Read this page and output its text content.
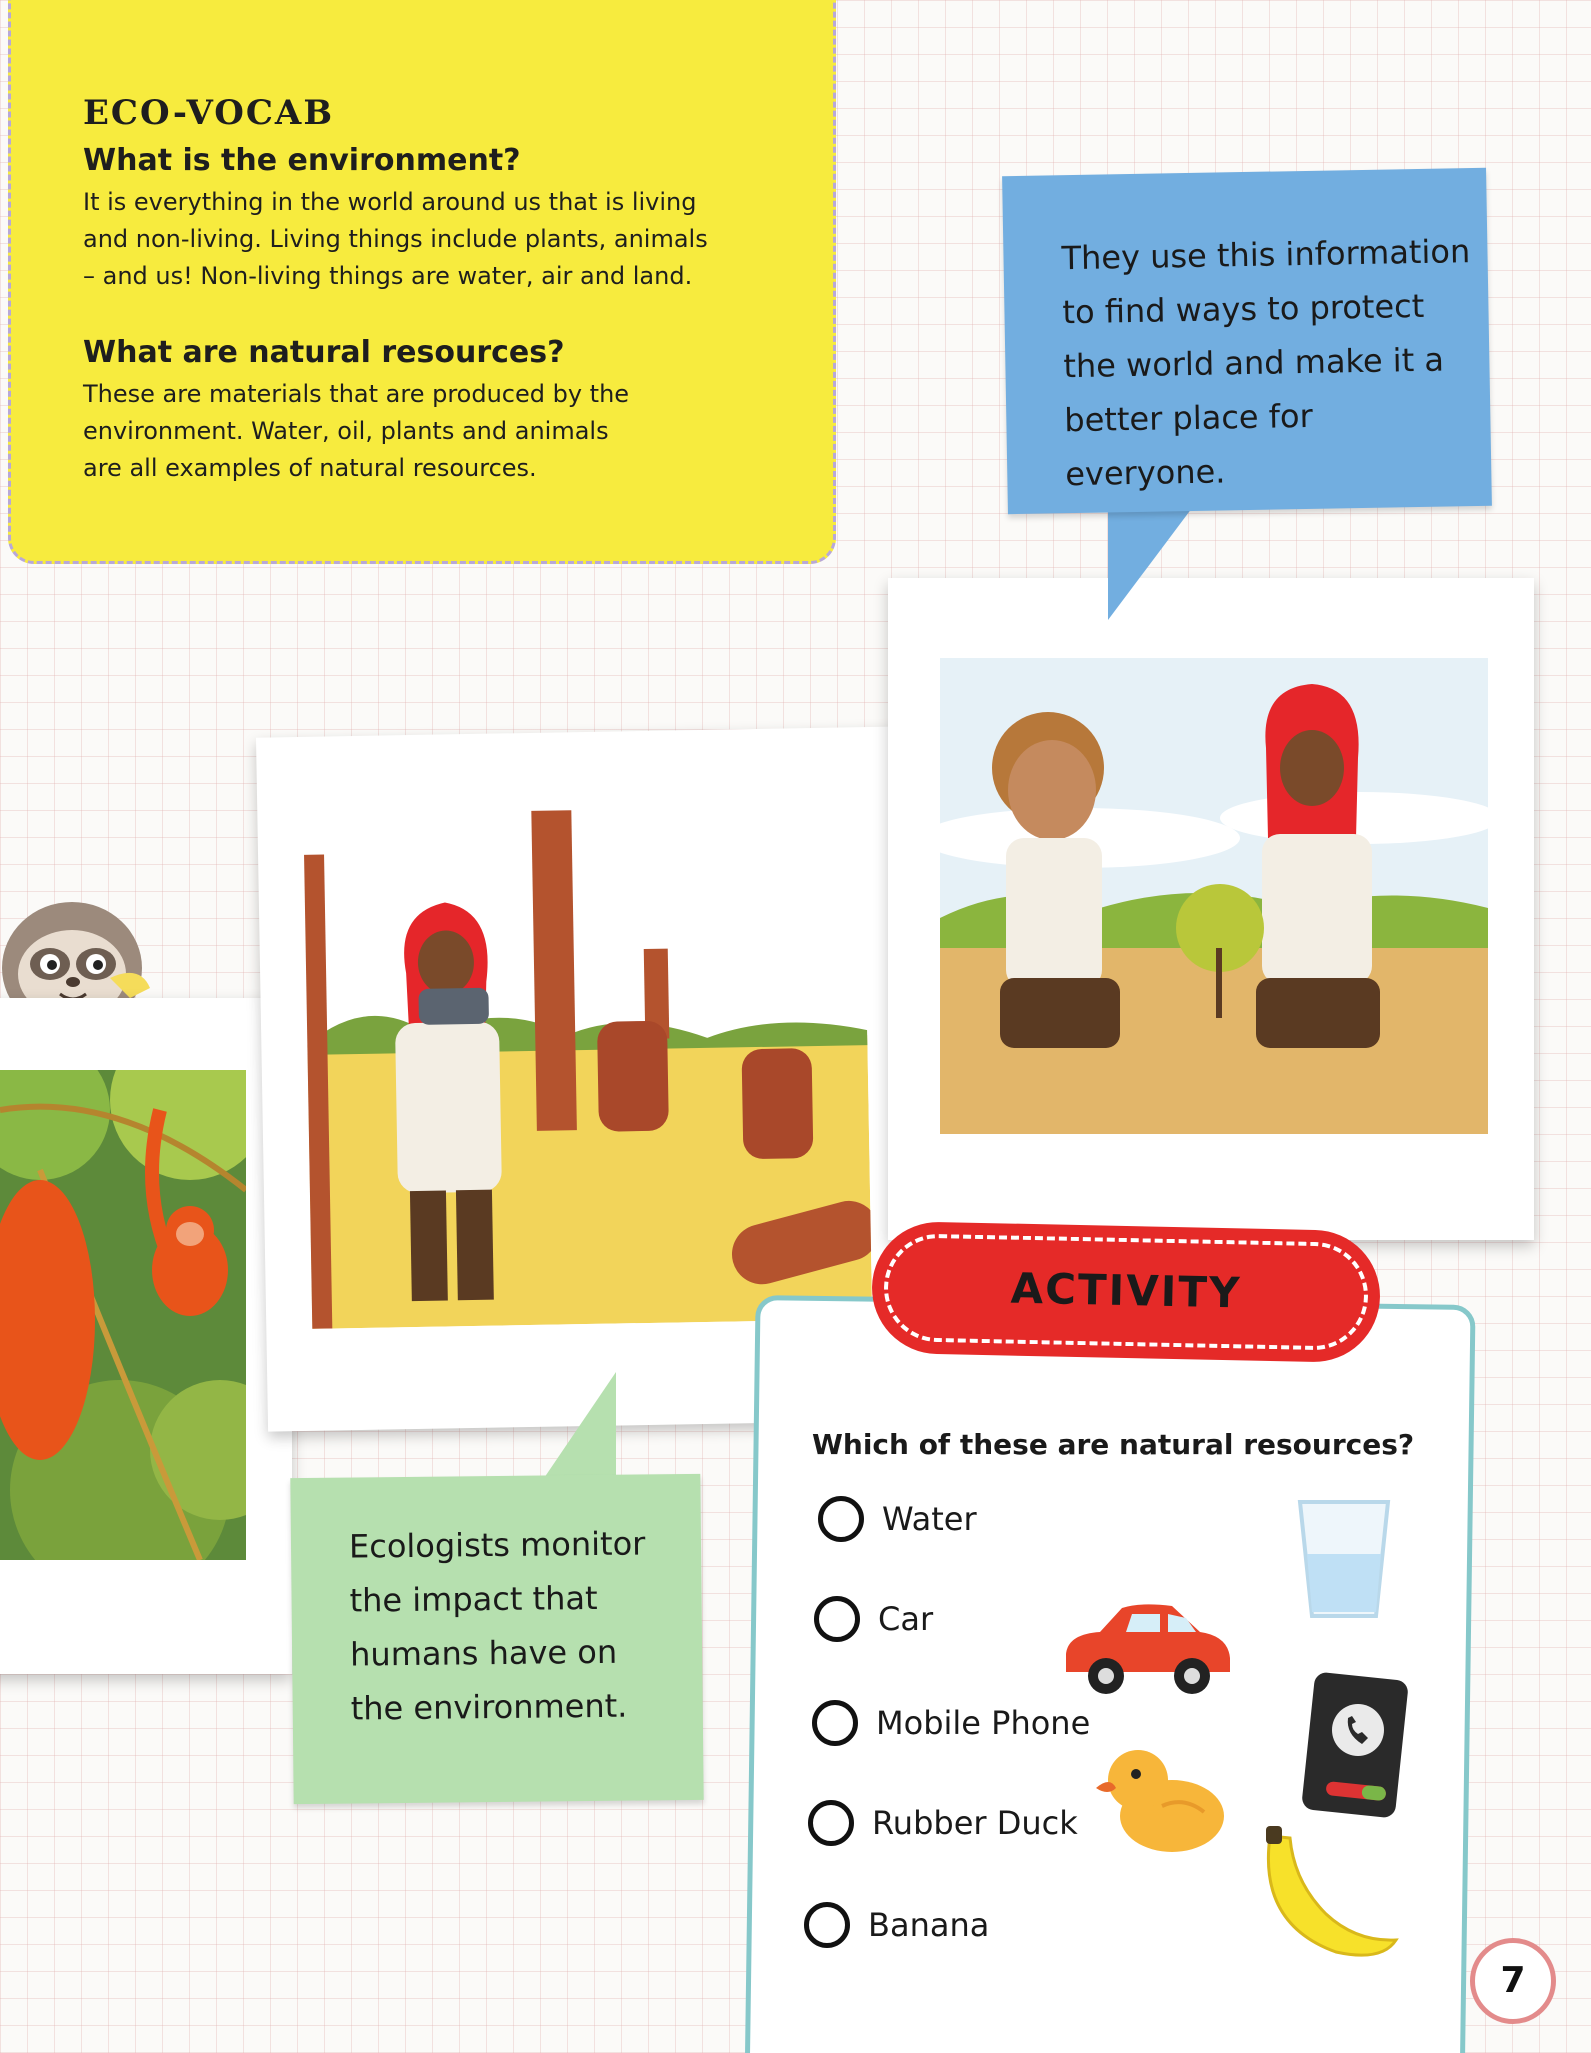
ECO-VOCAB
What is the environment?

It is everything in the world around us that is living

and non-living. Living things include plants, animals

– and us! Non-living things are water, air and land.

What are natural resources?

These are materials that are produced by the

environment. Water, oil, plants and animals

are all examples of natural resources.

They use this information
to find ways to protect
the world and make it a
better place for everyone.
Ecologists monitor
the impact that
humans have on
the environment.
ACTIVITY
Which of these are natural resources?
Water
Car
Mobile Phone
Rubber Duck
Banana
7
